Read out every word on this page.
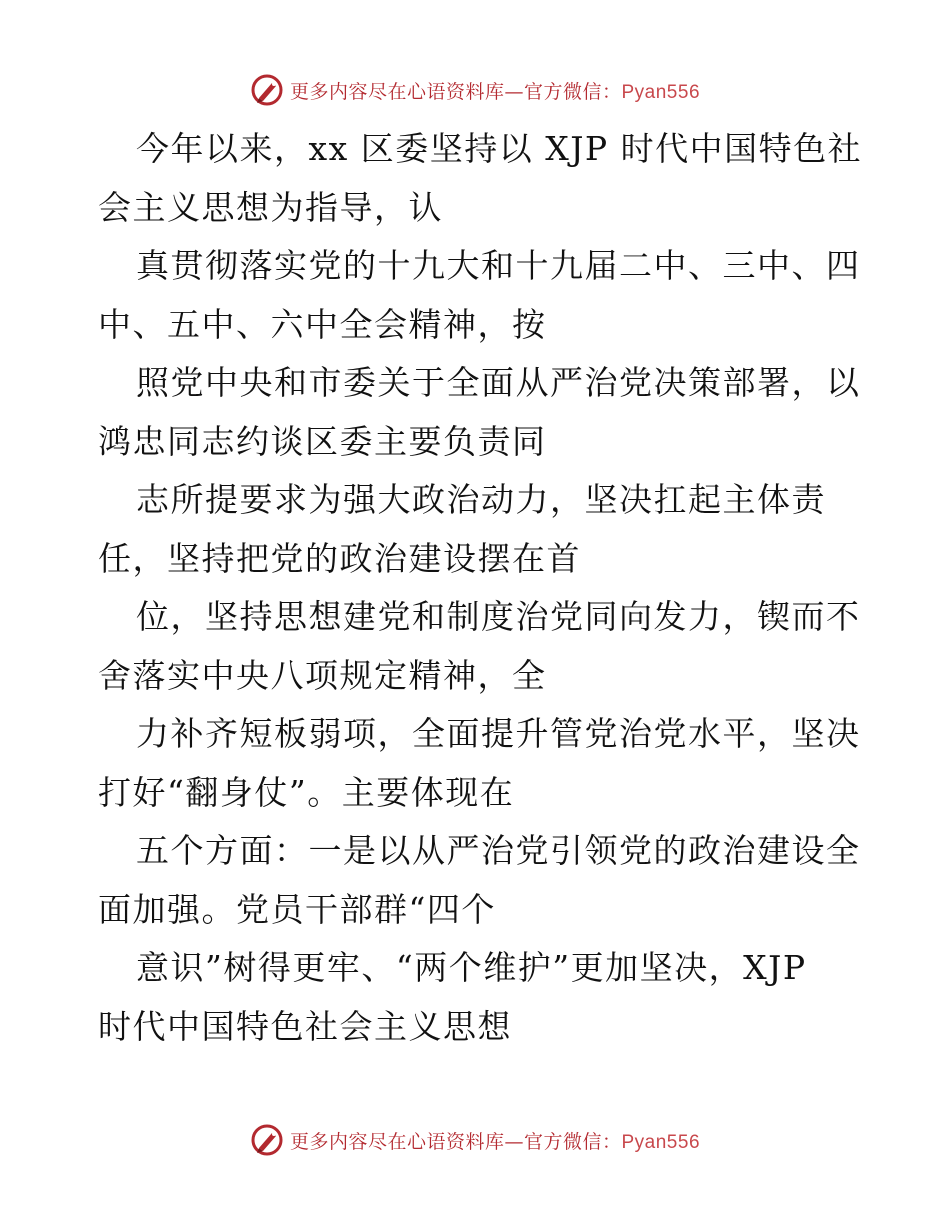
更多内容尽在心语资料库—官方微信：Pyan556
今年以来，xx 区委坚持以 XJP 时代中国特色社
会主义思想为指导，认
真贯彻落实党的十九大和十九届二中、三中、四
中、五中、六中全会精神，按
照党中央和市委关于全面从严治党决策部署，以
鸿忠同志约谈区委主要负责同
志所提要求为强大政治动力，坚决扛起主体责
任，坚持把党的政治建设摆在首
位，坚持思想建党和制度治党同向发力，锲而不
舍落实中央八项规定精神，全
力补齐短板弱项，全面提升管党治党水平，坚决
打好“翻身仗”。主要体现在
五个方面：一是以从严治党引领党的政治建设全
面加强。党员干部群“四个
意识”树得更牢、“两个维护”更加坚决，XJP
时代中国特色社会主义思想
更多内容尽在心语资料库—官方微信：Pyan556
